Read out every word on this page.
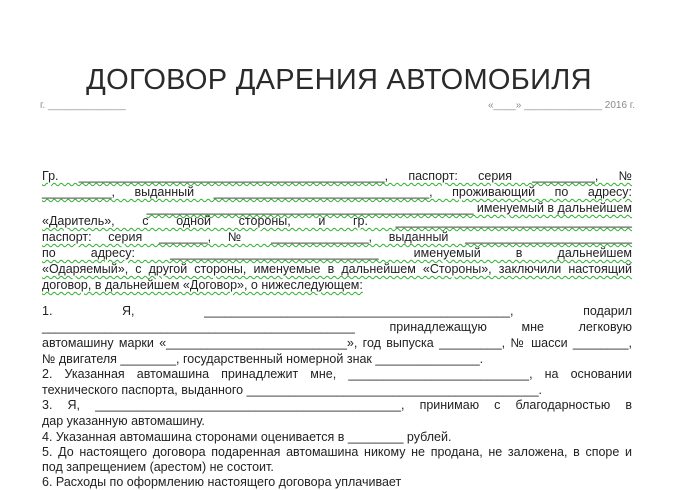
ДОГОВОР ДАРЕНИЯ АВТОМОБИЛЯ
г. ______________	«____» ______________ 2016 г.
Гр. ____________________________________________, паспорт: серия _________, №
__________, выданный _______________________________, проживающий по адресу:
_______________________________________________ именуемый в дальнейшем
«Даритель», с одной стороны, и гр. __________________________________
паспорт: серия _______, № ______________, выданный ________________________
по адресу: ______________________________ именуемый в дальнейшем
«Одаряемый», с другой стороны, именуемые в дальнейшем «Стороны», заключили настоящий
договор, в дальнейшем «Договор», о нижеследующем:
1. Я, ____________________________________________, подарил
_____________________________________________ принадлежащую мне легковую
автомашину марки «__________________________», год выпуска _________, № шасси ________,
№ двигателя ________, государственный номерной знак _______________.
2. Указанная автомашина принадлежит мне, __________________________, на основании
технического паспорта, выданного __________________________________________.
3. Я, ____________________________________________, принимаю с благодарностью в
дар указанную автомашину.
4. Указанная автомашина сторонами оценивается в ________ рублей.
5. До настоящего договора подаренная автомашина никому не продана, не заложена, в споре и
под запрещением (арестом) не состоит.
6. Расходы по оформлению настоящего договора уплачивает
